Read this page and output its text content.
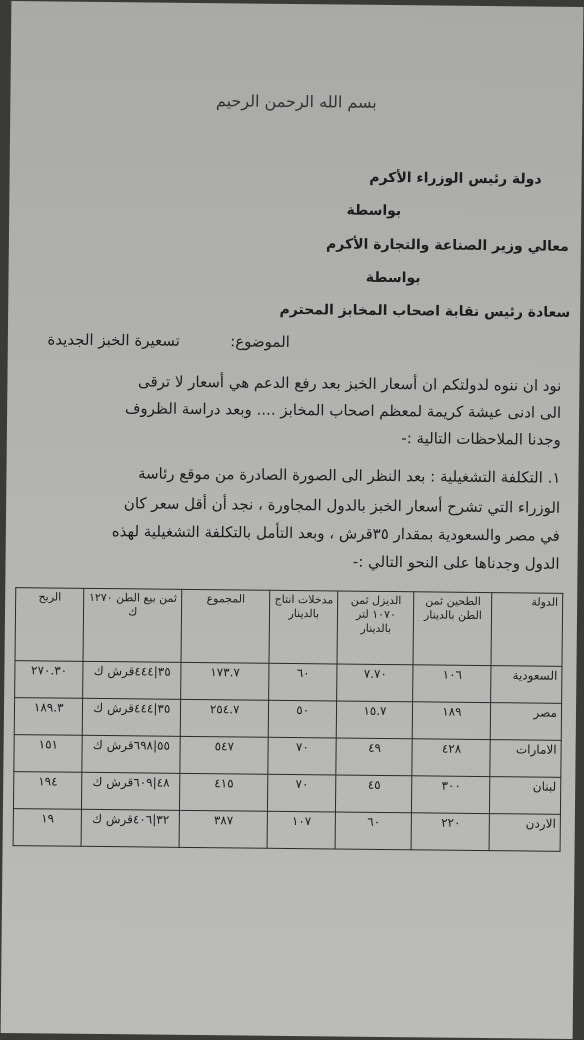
بسم الله الرحمن الرحيم
دولة رئيس الوزراء الأكرم
بواسطة
معالي وزير الصناعة والتجارة الأكرم
بواسطة
سعادة رئيس نقابة اصحاب المخابز المحترم
الموضوع:
تسعيرة الخبز الجديدة
نود ان ننوه لدولتكم ان أسعار الخبز بعد رفع الدعم هي أسعار لا ترقى
الى ادنى عيشة كريمة لمعظم اصحاب المخابز .... وبعد دراسة الظروف
وجدنا الملاحظات التالية :-
١. التكلفة التشغيلية : بعد النظر الى الصورة الصادرة من موقع رئاسة
الوزراء التي تشرح أسعار الخبز بالدول المجاورة ، نجد أن أقل سعر كان
في مصر والسعودية بمقدار ٣٥قرش ، وبعد التأمل بالتكلفة التشغيلية لهذه
الدول وجدناها على النحو التالي :-
الدولة	الطحين ثمن الطن بالدينار	الديزل ثمن ١٠٧٠ لتر بالدينار	مدخلات انتاج بالدينار	المجموع	ثمن بيع الطن ١٢٧٠ ك	الربح
السعودية	١٠٦	٧.٧٠	٦٠	١٧٣.٧	٣٥|٤٤٤قرش ك	٢٧٠.٣٠
مصر	١٨٩	١٥.٧	٥٠	٢٥٤.٧	٣٥|٤٤٤قرش ك	١٨٩.٣
الامارات	٤٢٨	٤٩	٧٠	٥٤٧	٥٥|٦٩٨قرش ك	١٥١
لبنان	٣٠٠	٤٥	٧٠	٤١٥	٤٨|٦٠٩قرش ك	١٩٤
الاردن	٢٢٠	٦٠	١٠٧	٣٨٧	٣٢|٤٠٦قرش ك	١٩
